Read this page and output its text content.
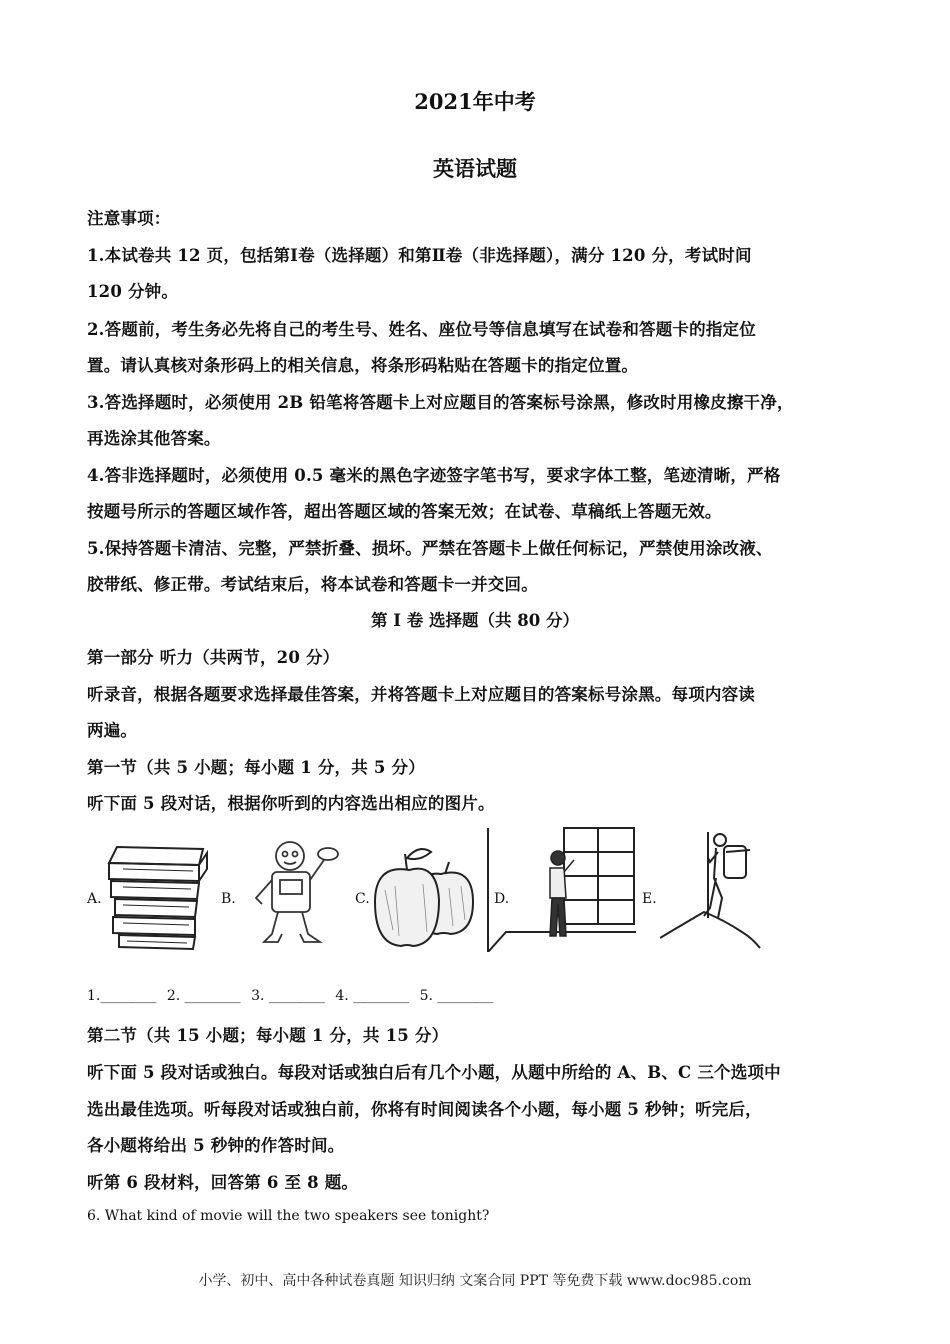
2021年中考
英语试题
注意事项：
1.本试卷共 12 页，包括第Ⅰ卷（选择题）和第Ⅱ卷（非选择题），满分 120 分，考试时间
120 分钟。
2.答题前，考生务必先将自己的考生号、姓名、座位号等信息填写在试卷和答题卡的指定位
置。请认真核对条形码上的相关信息，将条形码粘贴在答题卡的指定位置。
3.答选择题时，必须使用 2B 铅笔将答题卡上对应题目的答案标号涂黑，修改时用橡皮擦干净，
再选涂其他答案。
4.答非选择题时，必须使用 0.5 毫米的黑色字迹签字笔书写，要求字体工整，笔迹清晰，严格
按题号所示的答题区域作答，超出答题区域的答案无效；在试卷、草稿纸上答题无效。
5.保持答题卡清洁、完整，严禁折叠、损坏。严禁在答题卡上做任何标记，严禁使用涂改液、
胶带纸、修正带。考试结束后，将本试卷和答题卡一并交回。
第 I 卷 选择题（共 80 分）
第一部分 听力（共两节，20 分）
听录音，根据各题要求选择最佳答案，并将答题卡上对应题目的答案标号涂黑。每项内容读
两遍。
第一节（共 5 小题；每小题 1 分，共 5 分）
听下面 5 段对话，根据你听到的内容选出相应的图片。
A.	B.	C.	D.	E.
1.________ 2. ________ 3. ________ 4. ________ 5. ________
第二节（共 15 小题；每小题 1 分，共 15 分）
听下面 5 段对话或独白。每段对话或独白后有几个小题，从题中所给的 A、B、C 三个选项中
选出最佳选项。听每段对话或独白前，你将有时间阅读各个小题，每小题 5 秒钟；听完后，
各小题将给出 5 秒钟的作答时间。
听第 6 段材料，回答第 6 至 8 题。
6. What kind of movie will the two speakers see tonight?
小学、初中、高中各种试卷真题 知识归纳 文案合同 PPT 等免费下载 www.doc985.com
